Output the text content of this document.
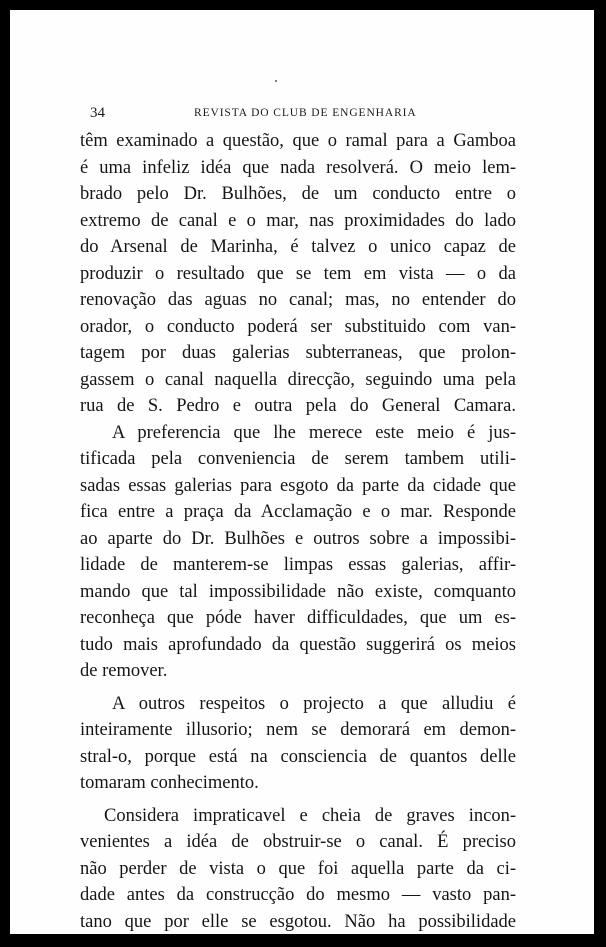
34	REVISTA DO CLUB DE ENGENHARIA
têm examinado a questão, que o ramal para a Gamboa
é uma infeliz idéa que nada resolverá. O meio lem-
brado pelo Dr. Bulhões, de um conducto entre o
extremo de canal e o mar, nas proximidades do lado
do Arsenal de Marinha, é talvez o unico capaz de
produzir o resultado que se tem em vista — o da
renovação das aguas no canal; mas, no entender do
orador, o conducto poderá ser substituido com van-
tagem por duas galerias subterraneas, que prolon-
gassem o canal naquella direcção, seguindo uma pela
rua de S. Pedro e outra pela do General Camara.
A preferencia que lhe merece este meio é jus-
tificada pela conveniencia de serem tambem utili-
sadas essas galerias para esgoto da parte da cidade que
fica entre a praça da Acclamação e o mar. Responde
ao aparte do Dr. Bulhões e outros sobre a impossibi-
lidade de manterem-se limpas essas galerias, affir-
mando que tal impossibilidade não existe, comquanto
reconheça que póde haver difficuldades, que um es-
tudo mais aprofundado da questão suggerirá os meios
de remover.
A outros respeitos o projecto a que alludiu é
inteiramente illusorio; nem se demorará em demon-
stral-o, porque está na consciencia de quantos delle
tomaram conhecimento.
Considera impraticavel e cheia de graves incon-
venientes a idéa de obstruir-se o canal. É preciso
não perder de vista o que foi aquella parte da ci-
dade antes da construcção do mesmo — vasto pan-
tano que por elle se esgotou. Não ha possibilidade
